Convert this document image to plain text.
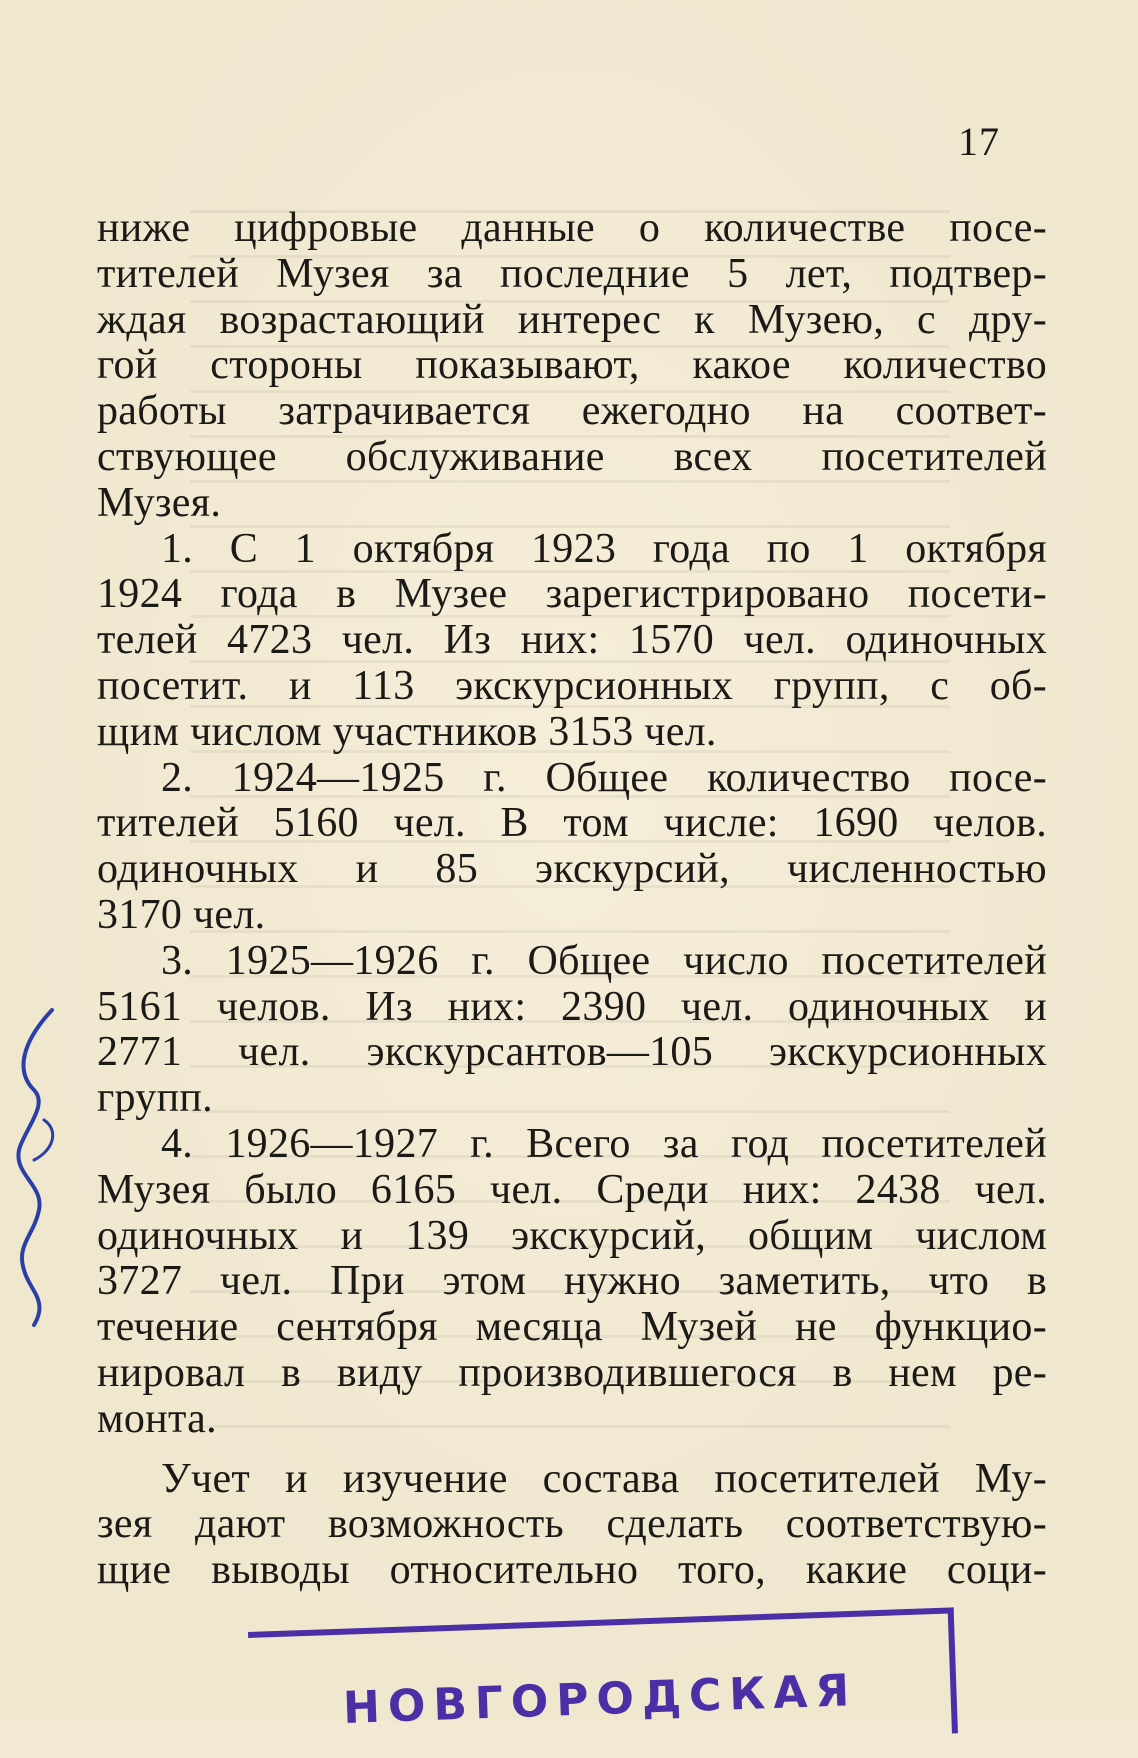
17
ниже цифровые данные о количестве посе-
тителей Музея за последние 5 лет, подтвер-
ждая возрастающий интерес к Музею, с дру-
гой стороны показывают, какое количество
работы затрачивается ежегодно на соответ-
ствующее обслуживание всех посетителей
Музея.
1. С 1 октября 1923 года по 1 октября
1924 года в Музее зарегистрировано посети-
телей 4723 чел. Из них: 1570 чел. одиночных
посетит. и 113 экскурсионных групп, с об-
щим числом участников 3153 чел.
2. 1924—1925 г. Общее количество посе-
тителей 5160 чел. В том числе: 1690 челов.
одиночных и 85 экскурсий, численностью
3170 чел.
3. 1925—1926 г. Общее число посетителей
5161 челов. Из них: 2390 чел. одиночных и
2771 чел. экскурсантов—105 экскурсионных
групп.
4. 1926—1927 г. Всего за год посетителей
Музея было 6165 чел. Среди них: 2438 чел.
одиночных и 139 экскурсий, общим числом
3727 чел. При этом нужно заметить, что в
течение сентября месяца Музей не функцио-
нировал в виду производившегося в нем ре-
монта.
Учет и изучение состава посетителей Му-
зея дают возможность сделать соответствую-
щие выводы относительно того, какие соци-
НОВГОРОДСКАЯ
